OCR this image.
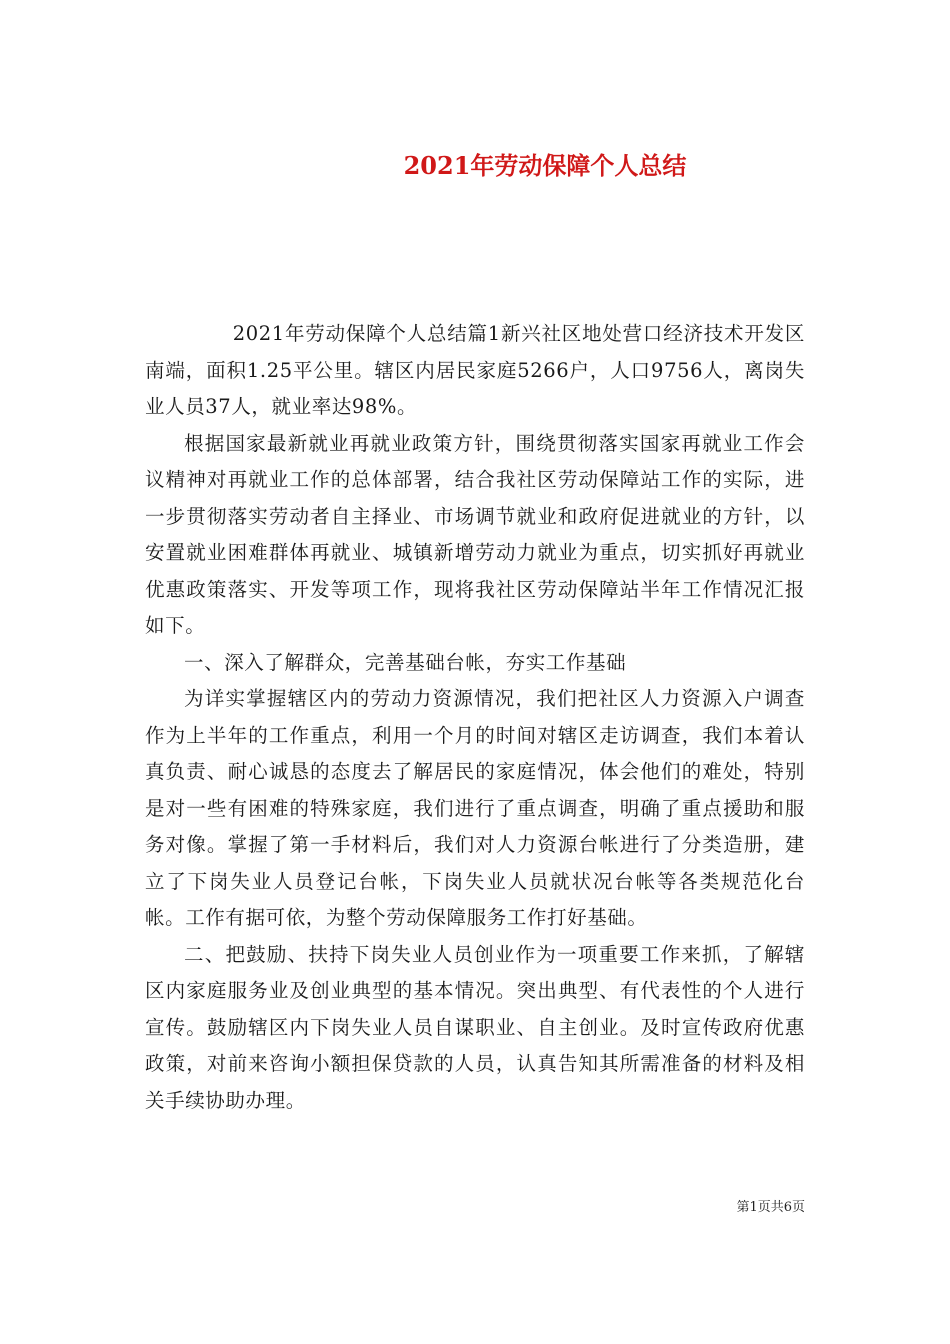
2021年劳动保障个人总结

2021年劳动保障个人总结篇1新兴社区地处营口经济技术开发区南端，面积1.25平公里。辖区内居民家庭5266户，人口9756人，离岗失业人员37人，就业率达98%。

根据国家最新就业再就业政策方针，围绕贯彻落实国家再就业工作会议精神对再就业工作的总体部署，结合我社区劳动保障站工作的实际，进一步贯彻落实劳动者自主择业、市场调节就业和政府促进就业的方针，以安置就业困难群体再就业、城镇新增劳动力就业为重点，切实抓好再就业优惠政策落实、开发等项工作，现将我社区劳动保障站半年工作情况汇报如下。

一、深入了解群众，完善基础台帐，夯实工作基础

为详实掌握辖区内的劳动力资源情况，我们把社区人力资源入户调查作为上半年的工作重点，利用一个月的时间对辖区走访调查，我们本着认真负责、耐心诚恳的态度去了解居民的家庭情况，体会他们的难处，特别是对一些有困难的特殊家庭，我们进行了重点调查，明确了重点援助和服务对像。掌握了第一手材料后，我们对人力资源台帐进行了分类造册，建立了下岗失业人员登记台帐，下岗失业人员就状况台帐等各类规范化台帐。工作有据可依，为整个劳动保障服务工作打好基础。

二、把鼓励、扶持下岗失业人员创业作为一项重要工作来抓，了解辖区内家庭服务业及创业典型的基本情况。突出典型、有代表性的个人进行宣传。鼓励辖区内下岗失业人员自谋职业、自主创业。及时宣传政府优惠政策，对前来咨询小额担保贷款的人员，认真告知其所需准备的材料及相关手续协助办理。

第1页共6页
